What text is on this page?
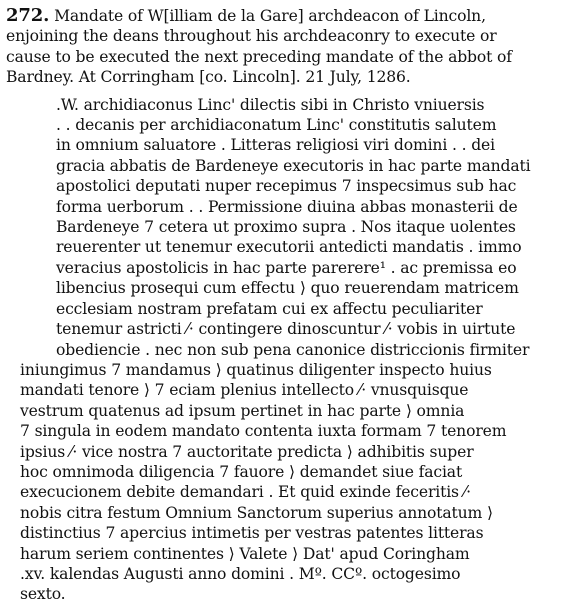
272. Mandate of W[illiam de la Gare] archdeacon of Lincoln,
enjoining the deans throughout his archdeaconry to execute or
cause to be executed the next preceding mandate of the abbot of
Bardney. At Corringham [co. Lincoln]. 21 July, 1286.
.W. archidiaconus Linc' dilectis sibi in Christo vniuersis
. . decanis per archidiaconatum Linc' constitutis salutem
in omnium saluatore . Litteras religiosi viri domini . . dei
gracia abbatis de Bardeneye executoris in hac parte mandati
apostolici deputati nuper recepimus 7 inspecsimus sub hac
forma uerborum . . Permissione diuina abbas monasterii de
Bardeneye 7 cetera ut proximo supra . Nos itaque uolentes
reuerenter ut tenemur executorii antedicti mandatis . immo
veracius apostolicis in hac parte parerere¹ . ac premissa eo
libencius prosequi cum effectu ⟩ quo reuerendam matricem
ecclesiam nostram prefatam cui ex affectu peculiariter
tenemur astricti ⁄· contingere dinoscuntur ⁄· vobis in uirtute
obediencie . nec non sub pena canonice districcionis firmiter
iniungimus 7 mandamus ⟩ quatinus diligenter inspecto huius
mandati tenore ⟩ 7 eciam plenius intellecto ⁄· vnusquisque
vestrum quatenus ad ipsum pertinet in hac parte ⟩ omnia
7 singula in eodem mandato contenta iuxta formam 7 tenorem
ipsius ⁄· vice nostra 7 auctoritate predicta ⟩ adhibitis super
hoc omnimoda diligencia 7 fauore ⟩ demandet siue faciat
execucionem debite demandari . Et quid exinde feceritis ⁄·
nobis citra festum Omnium Sanctorum superius annotatum ⟩
distinctius 7 apercius intimetis per vestras patentes litteras
harum seriem continentes ⟩ Valete ⟩ Dat' apud Coringham
.xv. kalendas Augusti anno domini . Mº. CCº. octogesimo
sexto.
